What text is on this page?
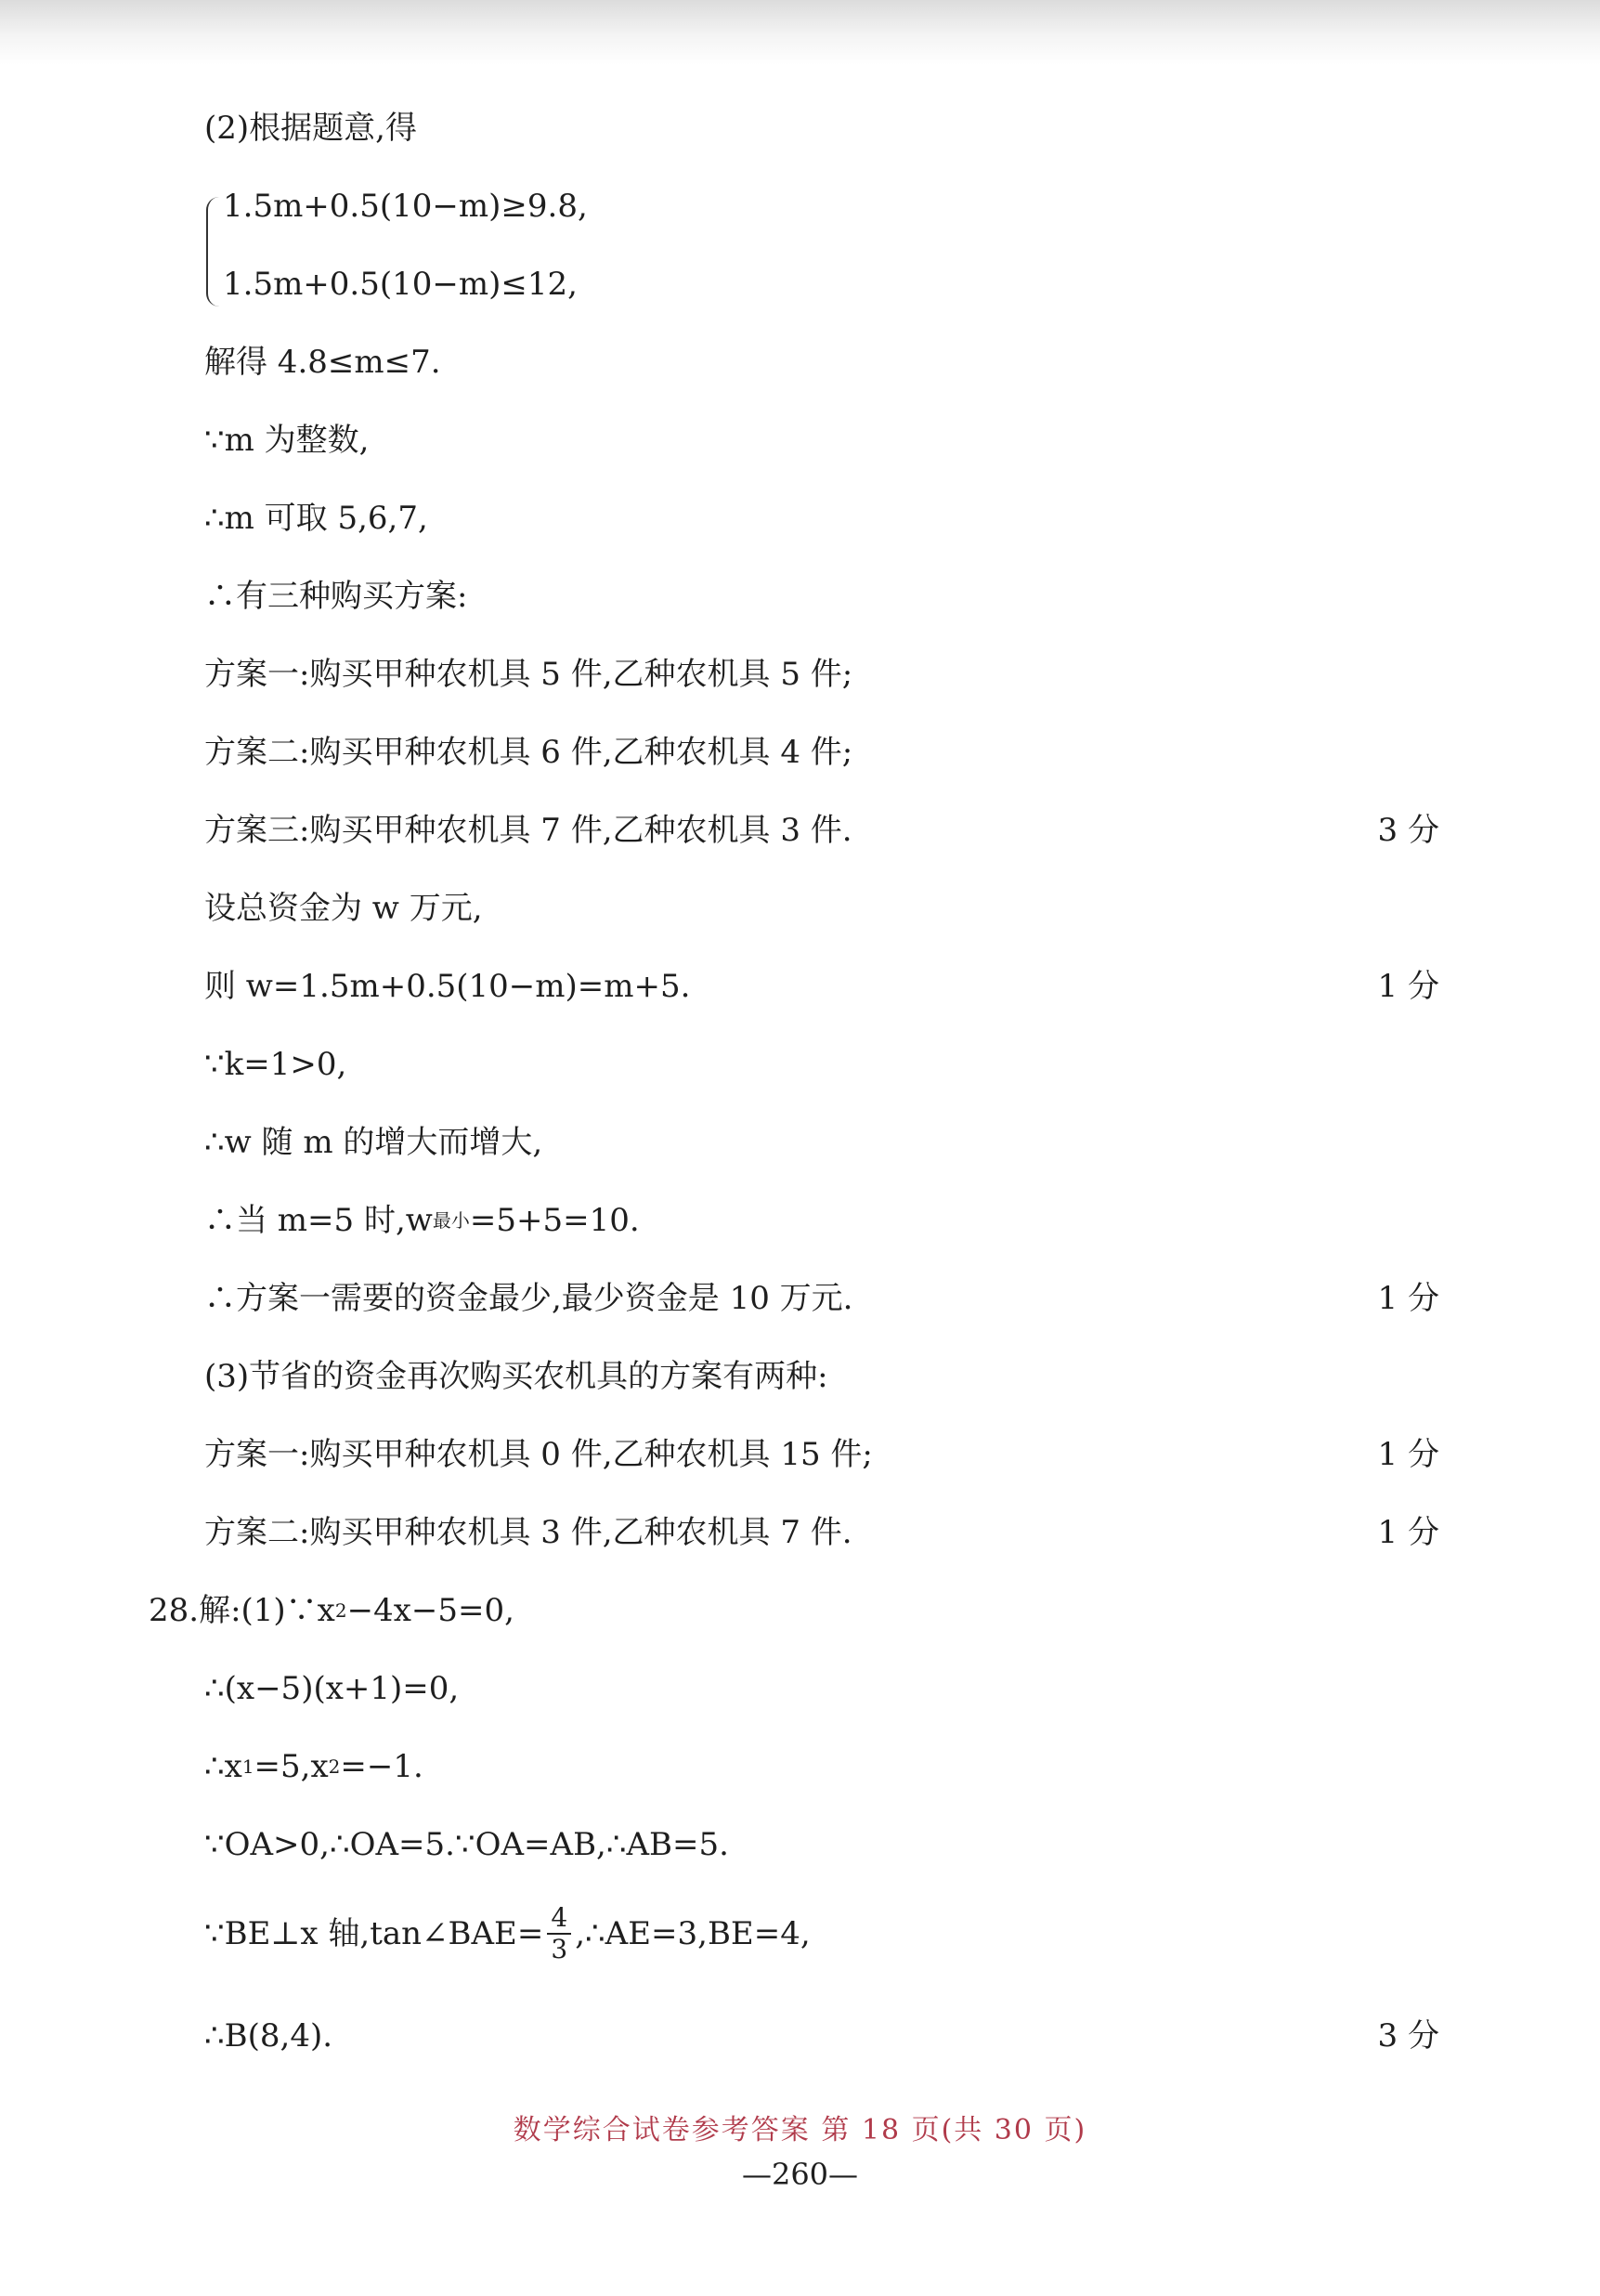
(2)根据题意,得
1.5m+0.5(10−m)≥9.8,
1.5m+0.5(10−m)≤12,
解得 4.8≤m≤7.
∵m 为整数,
∴m 可取 5,6,7,
∴有三种购买方案:
方案一:购买甲种农机具 5 件,乙种农机具 5 件;
方案二:购买甲种农机具 6 件,乙种农机具 4 件;
方案三:购买甲种农机具 7 件,乙种农机具 3 件.	3 分
设总资金为 w 万元,
则 w=1.5m+0.5(10−m)=m+5.	1 分
∵k=1>0,
∴w 随 m 的增大而增大,
∴当 m=5 时,w 最小 =5+5=10.
∴方案一需要的资金最少,最少资金是 10 万元.	1 分
(3)节省的资金再次购买农机具的方案有两种:
方案一:购买甲种农机具 0 件,乙种农机具 15 件;	1 分
方案二:购买甲种农机具 3 件,乙种农机具 7 件.	1 分
28.解:(1)∵x 2 −4x−5=0,
∴(x−5)(x+1)=0,
∴x 1 =5,x 2 =−1.
∵OA>0,∴OA=5.∵OA=AB,∴AB=5.
∵BE⊥x 轴,tan∠BAE= $\frac{4}{3}$ ,∴AE=3,BE=4,
∴B(8,4).	3 分
数学综合试卷参考答案 第 18 页(共 30 页)
—260—
